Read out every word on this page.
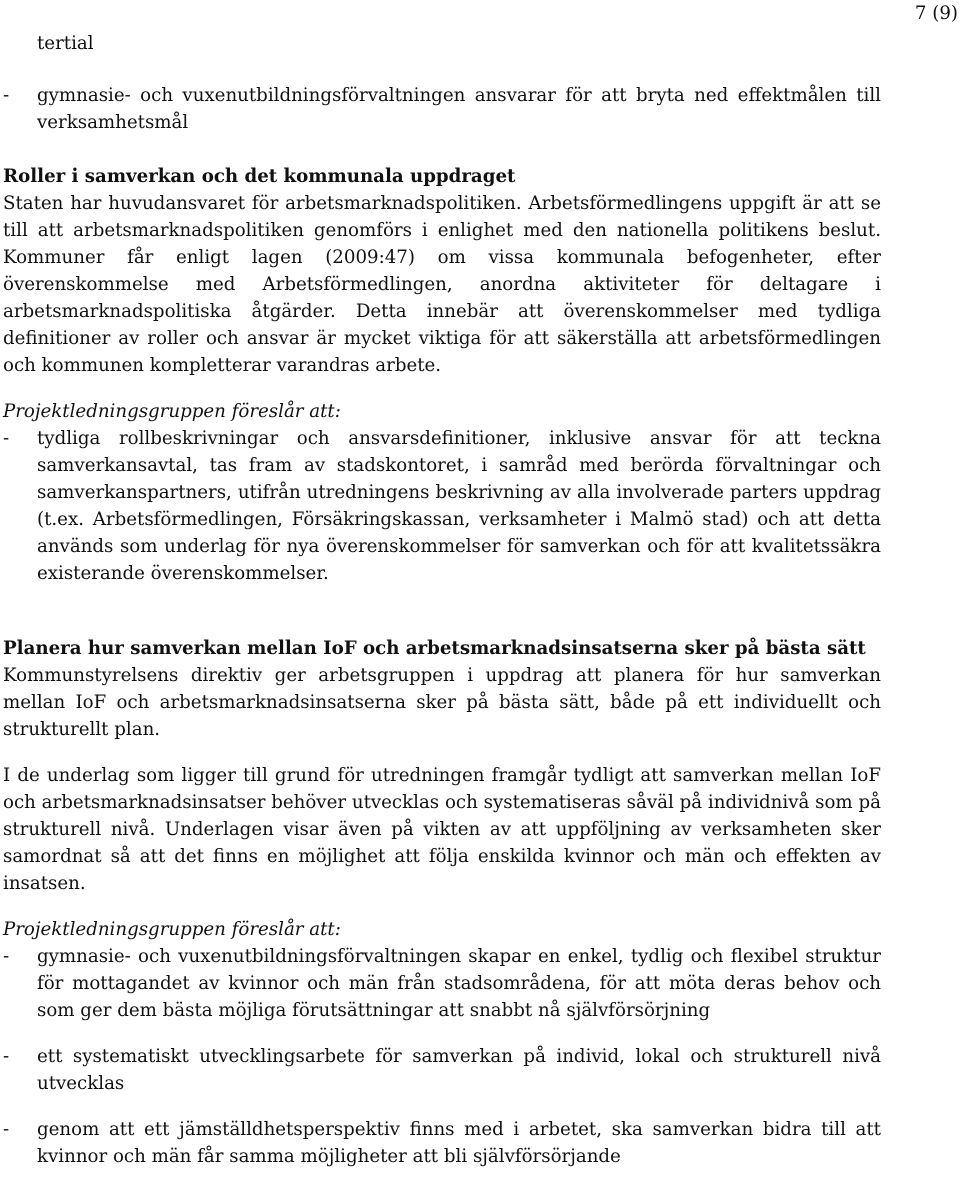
7 (9)

tertial

- gymnasie- och vuxenutbildningsförvaltningen ansvarar för att bryta ned effektmålen till verksamhetsmål

Roller i samverkan och det kommunala uppdraget

Staten har huvudansvaret för arbetsmarknadspolitiken. Arbetsförmedlingens uppgift är att se till att arbetsmarknadspolitiken genomförs i enlighet med den nationella politikens beslut. Kommuner får enligt lagen (2009:47) om vissa kommunala befogenheter, efter överenskommelse med Arbetsförmedlingen, anordna aktiviteter för deltagare i arbetsmarknadspolitiska åtgärder. Detta innebär att överenskommelser med tydliga definitioner av roller och ansvar är mycket viktiga för att säkerställa att arbetsförmedlingen och kommunen kompletterar varandras arbete.

Projektledningsgruppen föreslår att:

- tydliga rollbeskrivningar och ansvarsdefinitioner, inklusive ansvar för att teckna samverkansavtal, tas fram av stadskontoret, i samråd med berörda förvaltningar och samverkanspartners, utifrån utredningens beskrivning av alla involverade parters uppdrag (t.ex. Arbetsförmedlingen, Försäkringskassan, verksamheter i Malmö stad) och att detta används som underlag för nya överenskommelser för samverkan och för att kvalitetssäkra existerande överenskommelser.

Planera hur samverkan mellan IoF och arbetsmarknadsinsatserna sker på bästa sätt

Kommunstyrelsens direktiv ger arbetsgruppen i uppdrag att planera för hur samverkan mellan IoF och arbetsmarknadsinsatserna sker på bästa sätt, både på ett individuellt och strukturellt plan.

I de underlag som ligger till grund för utredningen framgår tydligt att samverkan mellan IoF och arbetsmarknadsinsatser behöver utvecklas och systematiseras såväl på individnivå som på strukturell nivå. Underlagen visar även på vikten av att uppföljning av verksamheten sker samordnat så att det finns en möjlighet att följa enskilda kvinnor och män och effekten av insatsen.

Projektledningsgruppen föreslår att:

- gymnasie- och vuxenutbildningsförvaltningen skapar en enkel, tydlig och flexibel struktur för mottagandet av kvinnor och män från stadsområdena, för att möta deras behov och som ger dem bästa möjliga förutsättningar att snabbt nå självförsörjning
- ett systematiskt utvecklingsarbete för samverkan på individ, lokal och strukturell nivå utvecklas
- genom att ett jämställdhetsperspektiv finns med i arbetet, ska samverkan bidra till att kvinnor och män får samma möjligheter att bli självförsörjande
